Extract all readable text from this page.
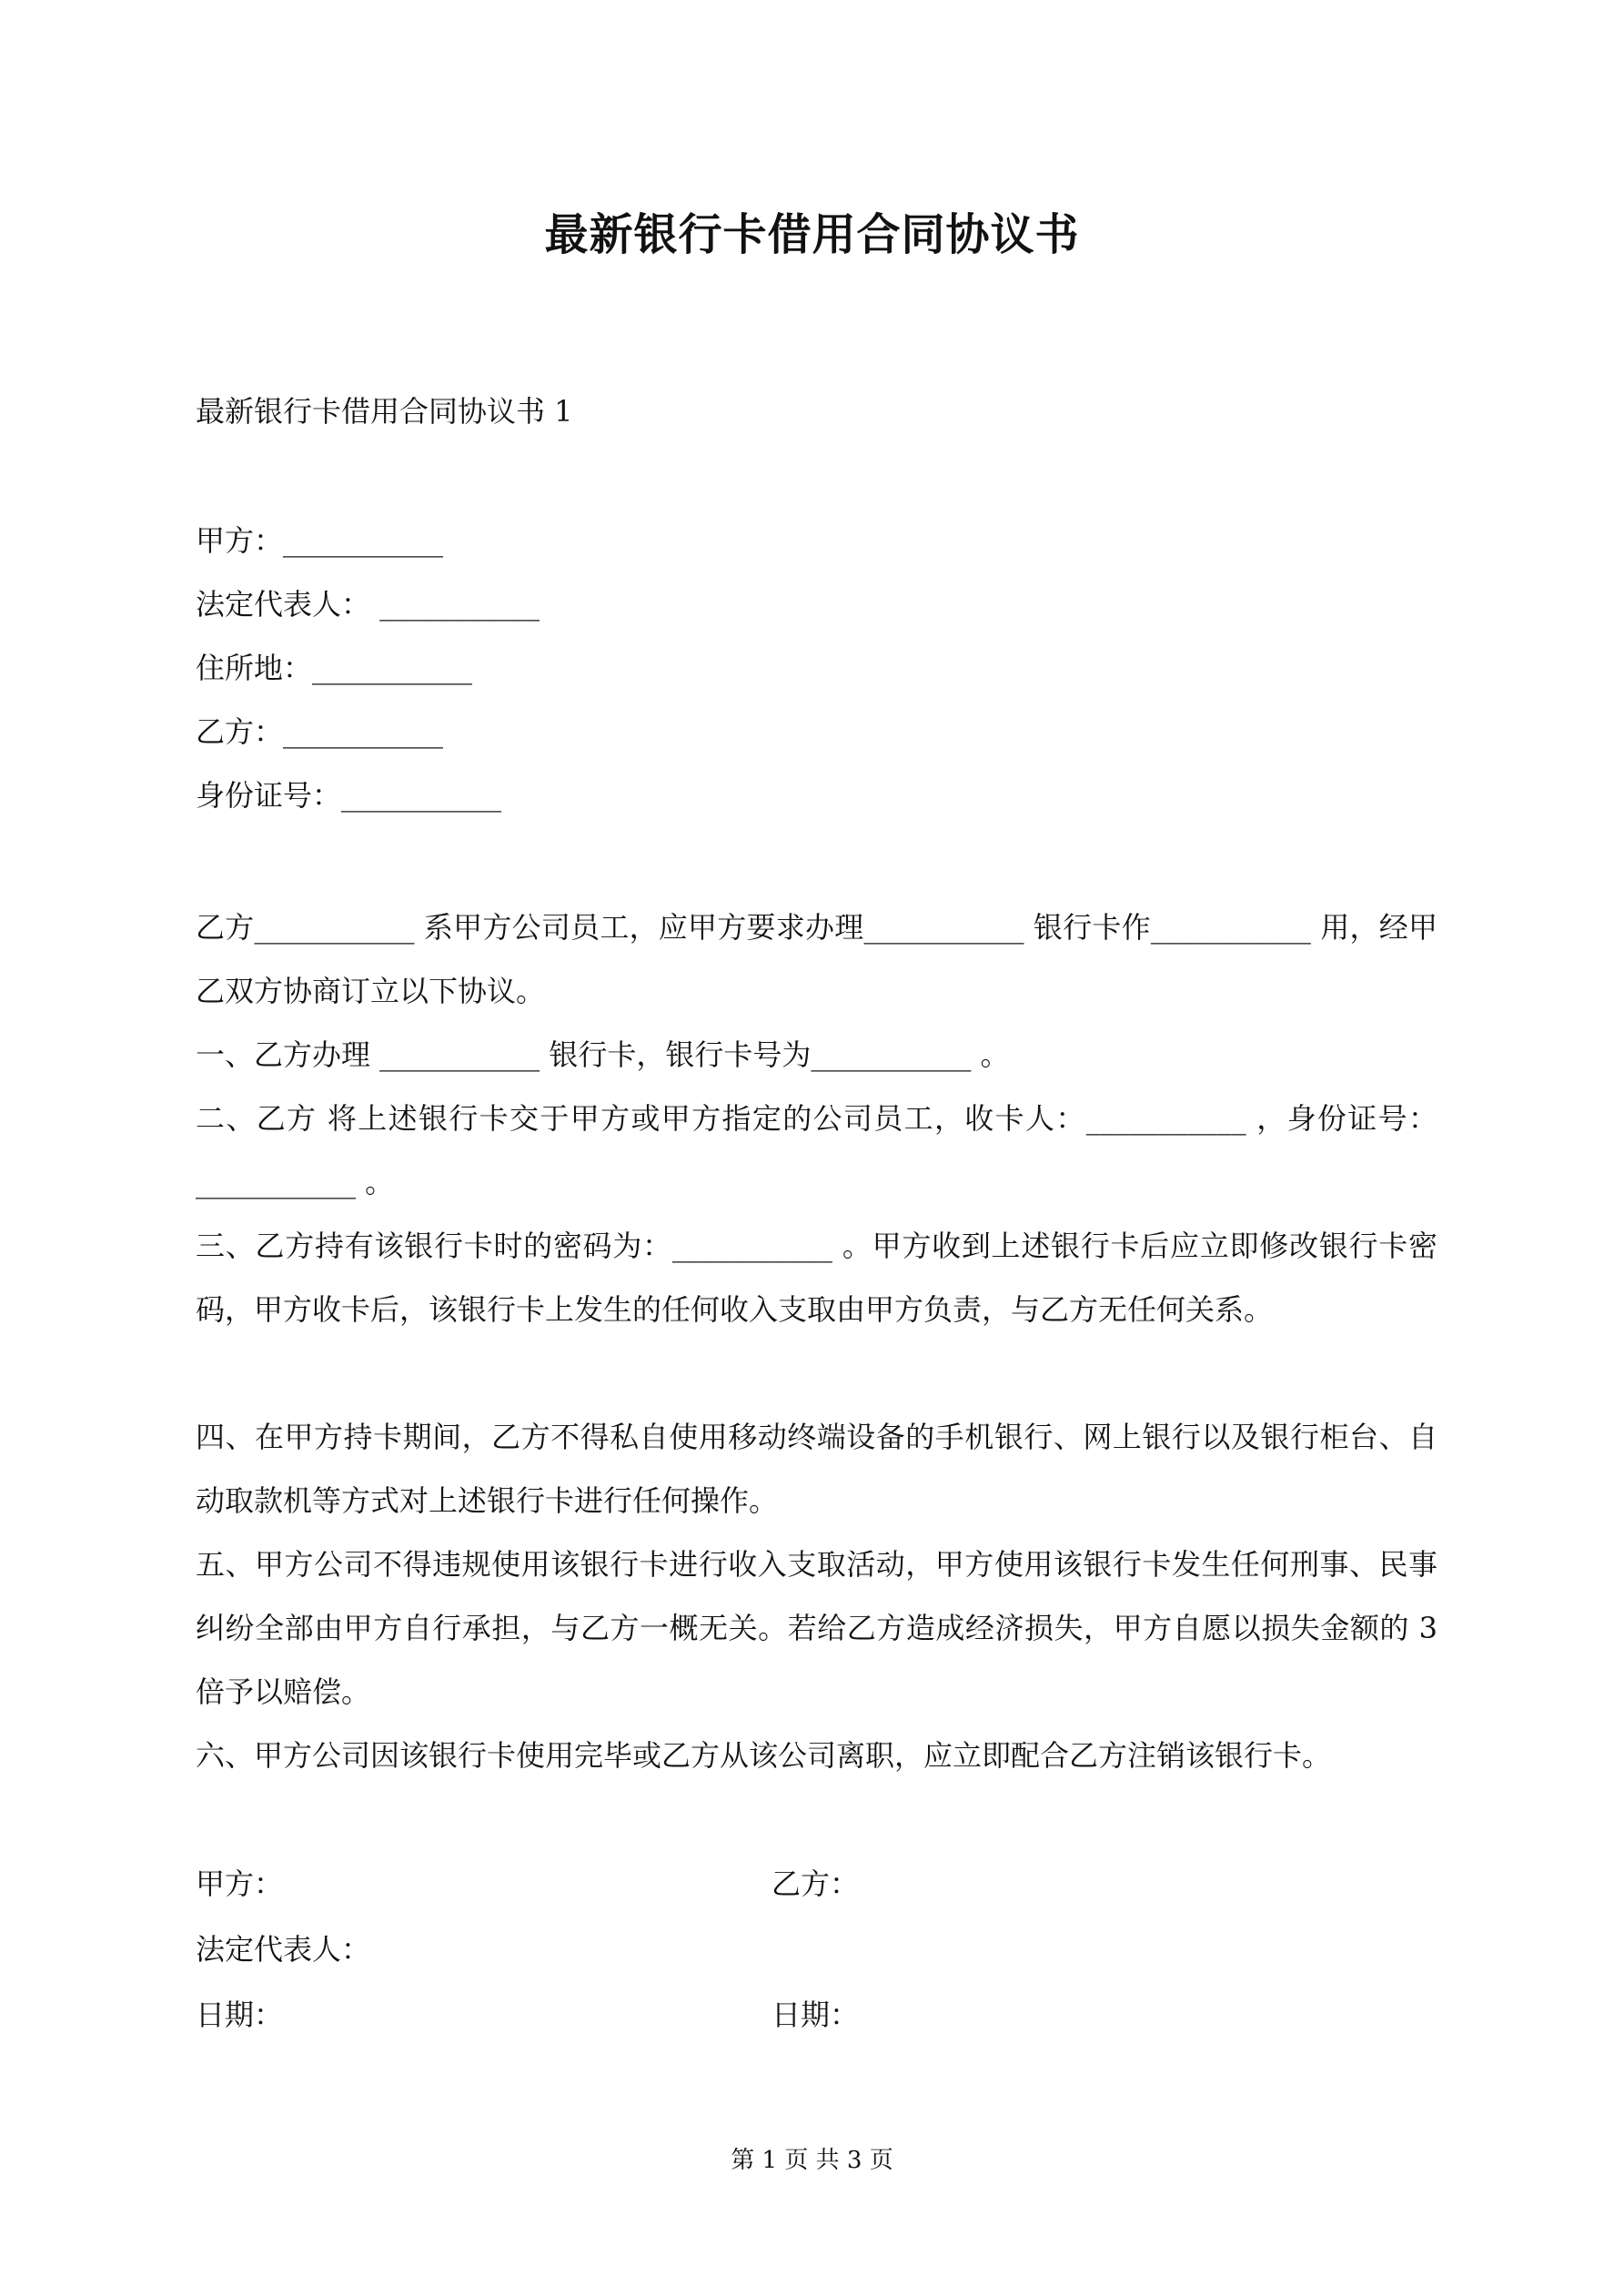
最新银行卡借用合同协议书
最新银行卡借用合同协议书 1
甲方：___________
法定代表人： ___________
住所地：___________
乙方：___________
身份证号：___________
乙方___________ 系甲方公司员工，应甲方要求办理___________ 银行卡作___________ 用，经甲乙双方协商订立以下协议。
一、乙方办理 ___________ 银行卡，银行卡号为___________ 。
二、乙方 将上述银行卡交于甲方或甲方指定的公司员工，收卡人：___________ ，身份证号：___________ 。
三、乙方持有该银行卡时的密码为：___________ 。甲方收到上述银行卡后应立即修改银行卡密码，甲方收卡后，该银行卡上发生的任何收入支取由甲方负责，与乙方无任何关系。
四、在甲方持卡期间，乙方不得私自使用移动终端设备的手机银行、网上银行以及银行柜台、自动取款机等方式对上述银行卡进行任何操作。
五、甲方公司不得违规使用该银行卡进行收入支取活动，甲方使用该银行卡发生任何刑事、民事纠纷全部由甲方自行承担，与乙方一概无关。若给乙方造成经济损失，甲方自愿以损失金额的 3 倍予以赔偿。
六、甲方公司因该银行卡使用完毕或乙方从该公司离职，应立即配合乙方注销该银行卡。
甲方：	乙方：
法定代表人：
日期：	日期：
第 1 页 共 3 页
